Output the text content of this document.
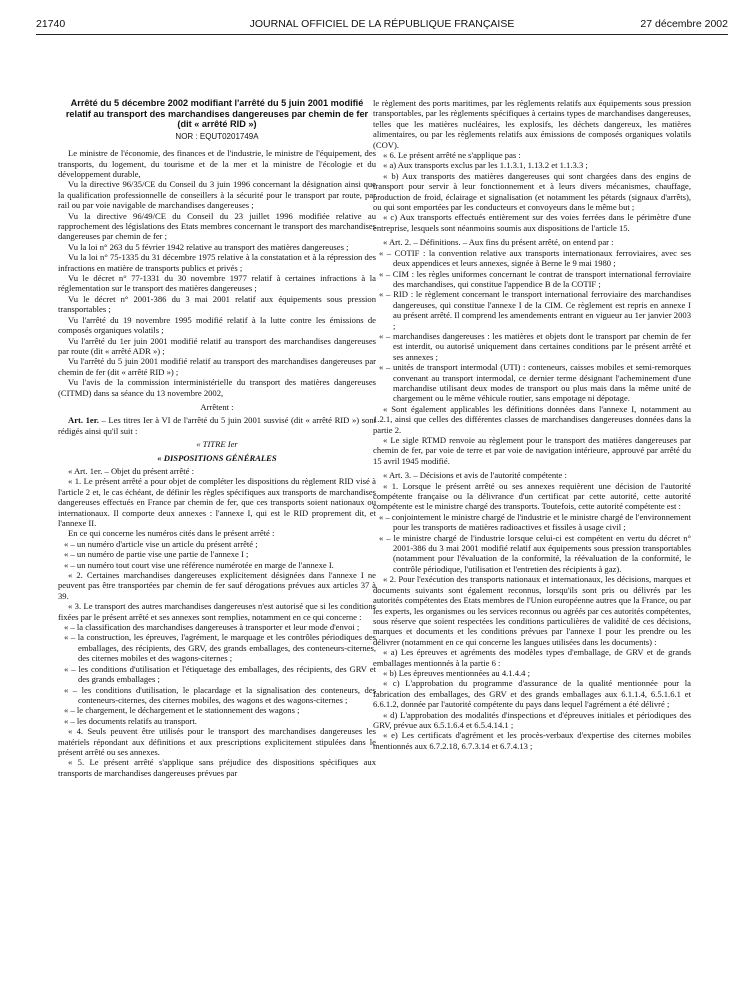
21740	JOURNAL OFFICIEL DE LA RÉPUBLIQUE FRANÇAISE	27 décembre 2002

Arrêté du 5 décembre 2002 modifiant l'arrêté du 5 juin 2001 modifié relatif au transport des marchandises dangereuses par chemin de fer (dit « arrêté RID »)

NOR : EQUT0201749A

Le ministre de l'économie, des finances et de l'industrie, le ministre de l'équipement, des transports, du logement, du tourisme et de la mer et la ministre de l'écologie et du développement durable,

Vu la directive 96/35/CE du Conseil du 3 juin 1996 concernant la désignation ainsi que la qualification professionnelle de conseillers à la sécurité pour le transport par route, par rail ou par voie navigable de marchandises dangereuses ;

Vu la directive 96/49/CE du Conseil du 23 juillet 1996 modifiée relative au rapprochement des législations des Etats membres concernant le transport des marchandises dangereuses par chemin de fer ;

Vu la loi n° 263 du 5 février 1942 relative au transport des matières dangereuses ;

Vu la loi n° 75-1335 du 31 décembre 1975 relative à la constatation et à la répression des infractions en matière de transports publics et privés ;

Vu le décret n° 77-1331 du 30 novembre 1977 relatif à certaines infractions à la réglementation sur le transport des matières dangereuses ;

Vu le décret n° 2001-386 du 3 mai 2001 relatif aux équipements sous pression transportables ;

Vu l'arrêté du 19 novembre 1995 modifié relatif à la lutte contre les émissions de composés organiques volatils ;

Vu l'arrêté du 1er juin 2001 modifié relatif au transport des marchandises dangereuses par route (dit « arrêté ADR ») ;

Vu l'arrêté du 5 juin 2001 modifié relatif au transport des marchandises dangereuses par chemin de fer (dit « arrêté RID ») ;

Vu l'avis de la commission interministérielle du transport des matières dangereuses (CITMD) dans sa séance du 13 novembre 2002,

Arrêtent :

Art. 1er. – Les titres Ier à VI de l'arrêté du 5 juin 2001 susvisé (dit « arrêté RID ») sont rédigés ainsi qu'il suit :

« TITRE Ier

« DISPOSITIONS GÉNÉRALES

« Art. 1er. – Objet du présent arrêté :

« 1. Le présent arrêté a pour objet de compléter les dispositions du règlement RID visé à l'article 2 et, le cas échéant, de définir les règles spécifiques aux transports de marchandises dangereuses effectués en France par chemin de fer, que ces transports soient nationaux ou internationaux. Il comporte deux annexes : l'annexe I, qui est le RID proprement dit, et l'annexe II.

En ce qui concerne les numéros cités dans le présent arrêté :

« – un numéro d'article vise un article du présent arrêté ;
« – un numéro de partie vise une partie de l'annexe I ;
« – un numéro tout court vise une référence numérotée en marge de l'annexe I.

« 2. Certaines marchandises dangereuses explicitement désignées dans l'annexe I ne peuvent pas être transportées par chemin de fer sauf dérogations prévues aux articles 37 à 39.

« 3. Le transport des autres marchandises dangereuses n'est autorisé que si les conditions fixées par le présent arrêté et ses annexes sont remplies, notamment en ce qui concerne :

« – la classification des marchandises dangereuses à transporter et leur mode d'envoi ;
« – la construction, les épreuves, l'agrément, le marquage et les contrôles périodiques des emballages, des récipients, des GRV, des grands emballages, des conteneurs-citernes, des citernes mobiles et des wagons-citernes ;
« – les conditions d'utilisation et l'étiquetage des emballages, des récipients, des GRV et des grands emballages ;
« – les conditions d'utilisation, le placardage et la signalisation des conteneurs, des conteneurs-citernes, des citernes mobiles, des wagons et des wagons-citernes ;
« – le chargement, le déchargement et le stationnement des wagons ;
« – les documents relatifs au transport.

« 4. Seuls peuvent être utilisés pour le transport des marchandises dangereuses les matériels répondant aux définitions et aux prescriptions explicitement stipulées dans le présent arrêté ou ses annexes.

« 5. Le présent arrêté s'applique sans préjudice des dispositions spécifiques aux transports de marchandises dangereuses prévues par

le règlement des ports maritimes, par les règlements relatifs aux équipements sous pression transportables, par les règlements spécifiques à certains types de marchandises dangereuses, telles que les matières nucléaires, les explosifs, les déchets dangereux, les matières alimentaires, ou par les règlements relatifs aux émissions de composés organiques volatils (COV).

« 6. Le présent arrêté ne s'applique pas :

« a) Aux transports exclus par les 1.1.3.1, 1.13.2 et 1.1.3.3 ;

« b) Aux transports des matières dangereuses qui sont chargées dans des engins de transport pour servir à leur fonctionnement et à leurs divers mécanismes, chauffage, production de froid, éclairage et signalisation (et notamment les pétards (signaux d'arrêts), ou qui sont emportées par les conducteurs et convoyeurs dans le même but ;

« c) Aux transports effectués entièrement sur des voies ferrées dans le périmètre d'une entreprise, lesquels sont néanmoins soumis aux dispositions de l'article 15.

« Art. 2. – Définitions. – Aux fins du présent arrêté, on entend par :

« – COTIF : la convention relative aux transports internationaux ferroviaires, avec ses deux appendices et leurs annexes, signée à Berne le 9 mai 1980 ;
« – CIM : les règles uniformes concernant le contrat de transport international ferroviaire des marchandises, qui constitue l'appendice B de la COTIF ;
« – RID : le règlement concernant le transport international ferroviaire des marchandises dangereuses, qui constitue l'annexe I de la CIM. Ce règlement est repris en annexe I au présent arrêté. Il comprend les amendements entrant en vigueur au 1er janvier 2003 ;
« – marchandises dangereuses : les matières et objets dont le transport par chemin de fer est interdit, ou autorisé uniquement dans certaines conditions par le présent arrêté et ses annexes ;
« – unités de transport intermodal (UTI) : conteneurs, caisses mobiles et semi-remorques convenant au transport intermodal, ce dernier terme désignant l'acheminement d'une marchandise utilisant deux modes de transport ou plus mais dans la même unité de chargement ou le même véhicule routier, sans empotage ni dépotage.

« Sont également applicables les définitions données dans l'annexe I, notamment au 1.2.1, ainsi que celles des différentes classes de marchandises dangereuses données dans la partie 2.

« Le sigle RTMD renvoie au règlement pour le transport des matières dangereuses par chemin de fer, par voie de terre et par voie de navigation intérieure, approuvé par arrêté du 15 avril 1945 modifié.

« Art. 3. – Décisions et avis de l'autorité compétente :

« 1. Lorsque le présent arrêté ou ses annexes requièrent une décision de l'autorité compétente française ou la délivrance d'un certificat par cette autorité, cette autorité compétente est le ministre chargé des transports. Toutefois, cette autorité compétente est :

« – conjointement le ministre chargé de l'industrie et le ministre chargé de l'environnement pour les transports de matières radioactives et fissiles à usage civil ;
« – le ministre chargé de l'industrie lorsque celui-ci est compétent en vertu du décret n° 2001-386 du 3 mai 2001 modifié relatif aux équipements sous pression transportables (notamment pour l'évaluation de la conformité, la réévaluation de la conformité, le contrôle périodique, l'utilisation et l'entretien des récipients à gaz).

« 2. Pour l'exécution des transports nationaux et internationaux, les décisions, marques et documents suivants sont également reconnus, lorsqu'ils sont pris ou délivrés par les autorités compétentes des Etats membres de l'Union européenne autres que la France, ou par les experts, les organismes ou les services reconnus ou agréés par ces autorités compétentes, sous réserve que soient respectées les conditions particulières de validité de ces décisions, marques et documents et les conditions prévues par l'annexe I pour les prendre ou les délivrer (notamment en ce qui concerne les langues utilisées dans les documents) :

« a) Les épreuves et agréments des modèles types d'emballage, de GRV et de grands emballages mentionnés à la partie 6 :

« b) Les épreuves mentionnées au 4.1.4.4 ;

« c) L'approbation du programme d'assurance de la qualité mentionnée pour la fabrication des emballages, des GRV et des grands emballages aux 6.1.1.4, 6.5.1.6.1 et 6.6.1.2, donnée par l'autorité compétente du pays dans lequel l'agrément a été délivré ;

« d) L'approbation des modalités d'inspections et d'épreuves initiales et périodiques des GRV, prévue aux 6.5.1.6.4 et 6.5.4.14.1 ;

« e) Les certificats d'agrément et les procès-verbaux d'expertise des citernes mobiles mentionnés aux 6.7.2.18, 6.7.3.14 et 6.7.4.13 ;
